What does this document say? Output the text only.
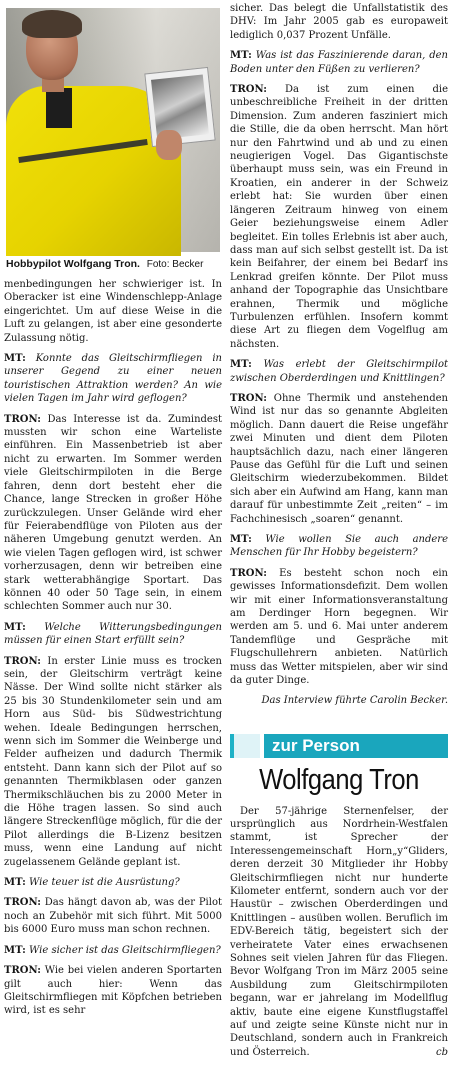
Hobbypilot Wolfgang Tron. Foto: Becker

menbedingungen her schwieriger ist. In Oberacker ist eine Windenschlepp-Anlage eingerichtet. Um auf diese Weise in die Luft zu gelangen, ist aber eine gesonderte Zulassung nötig.

MT: Konnte das Gleitschirmfliegen in unserer Gegend zu einer neuen touristischen Attraktion werden? An wie vielen Tagen im Jahr wird geflogen?

TRON: Das Interesse ist da. Zumindest mussten wir schon eine Warteliste einführen. Ein Massenbetrieb ist aber nicht zu erwarten. Im Sommer werden viele Gleitschirmpiloten in die Berge fahren, denn dort besteht eher die Chance, lange Strecken in großer Höhe zurückzulegen. Unser Gelände wird eher für Feierabendflüge von Piloten aus der näheren Umgebung genutzt werden. An wie vielen Tagen geflogen wird, ist schwer vorherzusagen, denn wir betreiben eine stark wetterabhängige Sportart. Das können 40 oder 50 Tage sein, in einem schlechten Sommer auch nur 30.

MT: Welche Witterungsbedingungen müssen für einen Start erfüllt sein?

TRON: In erster Linie muss es trocken sein, der Gleitschirm verträgt keine Nässe. Der Wind sollte nicht stärker als 25 bis 30 Stundenkilometer sein und am Horn aus Süd- bis Südwestrichtung wehen. Ideale Bedingungen herrschen, wenn sich im Sommer die Weinberge und Felder aufheizen und dadurch Thermik entsteht. Dann kann sich der Pilot auf so genannten Thermikblasen oder ganzen Thermikschläuchen bis zu 2000 Meter in die Höhe tragen lassen. So sind auch längere Streckenflüge möglich, für die der Pilot allerdings die B-Lizenz besitzen muss, wenn eine Landung auf nicht zugelassenem Gelände geplant ist.

MT: Wie teuer ist die Ausrüstung?

TRON: Das hängt davon ab, was der Pilot noch an Zubehör mit sich führt. Mit 5000 bis 6000 Euro muss man schon rechnen.

MT: Wie sicher ist das Gleitschirmfliegen?

TRON: Wie bei vielen anderen Sportarten gilt auch hier: Wenn das Gleitschirmfliegen mit Köpfchen betrieben wird, ist es sehr

sicher. Das belegt die Unfallstatistik des DHV: Im Jahr 2005 gab es europaweit lediglich 0,037 Prozent Unfälle.

MT: Was ist das Faszinierende daran, den Boden unter den Füßen zu verlieren?

TRON: Da ist zum einen die unbeschreibliche Freiheit in der dritten Dimension. Zum anderen fasziniert mich die Stille, die da oben herrscht. Man hört nur den Fahrtwind und ab und zu einen neugierigen Vogel. Das Gigantischste überhaupt muss sein, was ein Freund in Kroatien, ein anderer in der Schweiz erlebt hat: Sie wurden über einen längeren Zeitraum hinweg von einem Geier beziehungsweise einem Adler begleitet. Ein tolles Erlebnis ist aber auch, dass man auf sich selbst gestellt ist. Da ist kein Beifahrer, der einem bei Bedarf ins Lenkrad greifen könnte. Der Pilot muss anhand der Topographie das Unsichtbare erahnen, Thermik und mögliche Turbulenzen erfühlen. Insofern kommt diese Art zu fliegen dem Vogelflug am nächsten.

MT: Was erlebt der Gleitschirmpilot zwischen Oberderdingen und Knittlingen?

TRON: Ohne Thermik und anstehenden Wind ist nur das so genannte Abgleiten möglich. Dann dauert die Reise ungefähr zwei Minuten und dient dem Piloten hauptsächlich dazu, nach einer längeren Pause das Gefühl für die Luft und seinen Gleitschirm wiederzubekommen. Bildet sich aber ein Aufwind am Hang, kann man darauf für unbestimmte Zeit „reiten“ – im Fachchinesisch „soaren“ genannt.

MT: Wie wollen Sie auch andere Menschen für Ihr Hobby begeistern?

TRON: Es besteht schon noch ein gewisses Informationsdefizit. Dem wollen wir mit einer Informationsveranstaltung am Derdinger Horn begegnen. Wir werden am 5. und 6. Mai unter anderem Tandemflüge und Gespräche mit Flugschullehrern anbieten. Natürlich muss das Wetter mitspielen, aber wir sind da guter Dinge.

Das Interview führte Carolin Becker.
zur Person
Wolfgang Tron

Der 57-jährige Sternenfelser, der ursprünglich aus Nordrhein-Westfalen stammt, ist Sprecher der Interessengemeinschaft Horn„y“Gliders, deren derzeit 30 Mitglieder ihr Hobby Gleitschirmfliegen nicht nur hunderte Kilometer entfernt, sondern auch vor der Haustür – zwischen Oberderdingen und Knittlingen – ausüben wollen. Beruflich im EDV-Bereich tätig, begeistert sich der verheiratete Vater eines erwachsenen Sohnes seit vielen Jahren für das Fliegen. Bevor Wolfgang Tron im März 2005 seine Ausbildung zum Gleitschirmpiloten begann, war er jahrelang im Modellflug aktiv, baute eine eigene Kunstflugstaffel auf und zeigte seine Künste nicht nur in Deutschland, sondern auch in Frankreich und Österreich.	cb
